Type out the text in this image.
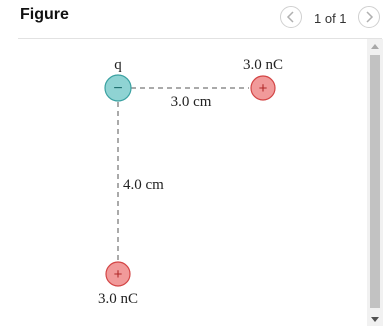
Figure	1 of 1
3.0 cm
4.0 cm
q
−
3.0 nC
+
+
3.0 nC
